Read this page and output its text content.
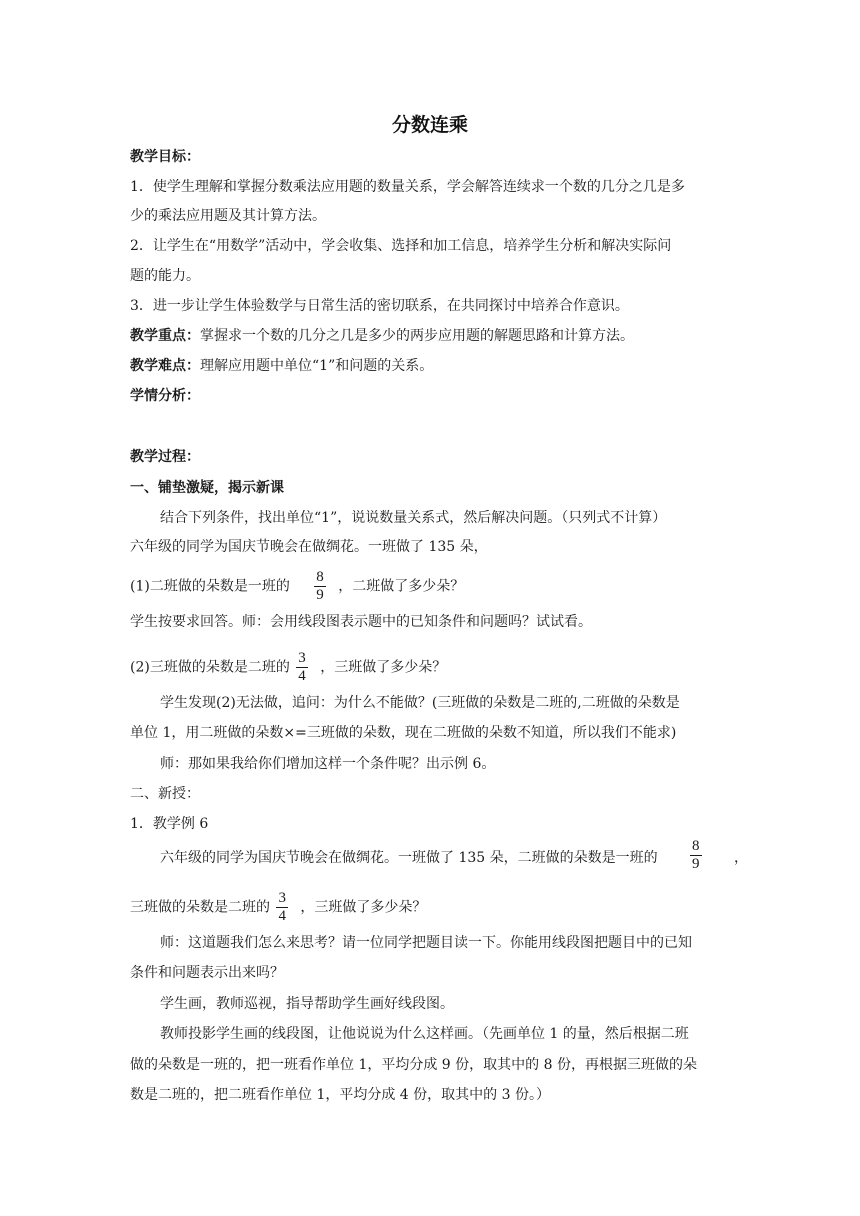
分数连乘
教学目标：
1．使学生理解和掌握分数乘法应用题的数量关系，学会解答连续求一个数的几分之几是多
少的乘法应用题及其计算方法。
2．让学生在“用数学”活动中，学会收集、选择和加工信息，培养学生分析和解决实际问
题的能力。
3．进一步让学生体验数学与日常生活的密切联系，在共同探讨中培养合作意识。
教学重点：掌握求一个数的几分之几是多少的两步应用题的解题思路和计算方法。
教学难点：理解应用题中单位“1”和问题的关系。
学情分析：
教学过程：
一、铺垫激疑，揭示新课
结合下列条件，找出单位“1”，说说数量关系式，然后解决问题。（只列式不计算）
六年级的同学为国庆节晚会在做绸花。一班做了 135 朵，
(1)二班做的朵数是一班的 $\frac{8}{9}$ ，二班做了多少朵？
学生按要求回答。师：会用线段图表示题中的已知条件和问题吗？试试看。
(2)三班做的朵数是二班的 $\frac{3}{4}$ ，三班做了多少朵？
学生发现(2)无法做，追问：为什么不能做？(三班做的朵数是二班的,二班做的朵数是
单位 1，用二班做的朵数×=三班做的朵数，现在二班做的朵数不知道，所以我们不能求)
师：那如果我给你们增加这样一个条件呢？出示例 6。
二、新授：
1．教学例 6
六年级的同学为国庆节晚会在做绸花。一班做了 135 朵，二班做的朵数是一班的	$\frac{8}{9}$ ，
三班做的朵数是二班的 $\frac{3}{4}$ ，三班做了多少朵？
师：这道题我们怎么来思考？请一位同学把题目读一下。你能用线段图把题目中的已知
条件和问题表示出来吗？
学生画，教师巡视，指导帮助学生画好线段图。
教师投影学生画的线段图，让他说说为什么这样画。（先画单位 1 的量，然后根据二班
做的朵数是一班的，把一班看作单位 1，平均分成 9 份，取其中的 8 份，再根据三班做的朵
数是二班的，把二班看作单位 1，平均分成 4 份，取其中的 3 份。）
